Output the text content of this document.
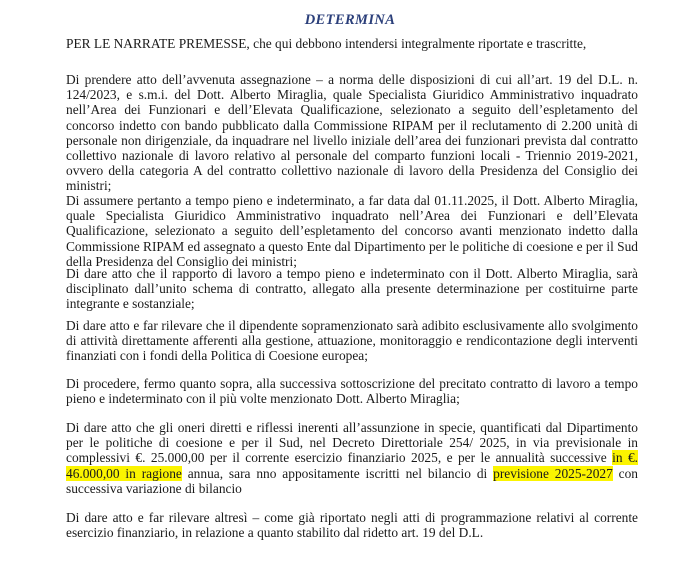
DETERMINA
PER LE NARRATE PREMESSE, che qui debbono intendersi integralmente riportate e trascritte,
Di prendere atto dell’avvenuta assegnazione – a norma delle disposizioni di cui all’art. 19 del D.L. n. 124/2023, e s.m.i. del Dott. Alberto Miraglia, quale Specialista Giuridico Amministrativo inquadrato nell’Area dei Funzionari e dell’Elevata Qualificazione, selezionato a seguito dell’espletamento del concorso indetto con bando pubblicato dalla Commissione RIPAM per il reclutamento di 2.200 unità di personale non dirigenziale, da inquadrare nel livello iniziale dell’area dei funzionari prevista dal contratto collettivo nazionale di lavoro relativo al personale del comparto funzioni locali - Triennio 2019-2021, ovvero della categoria A del contratto collettivo nazionale di lavoro della Presidenza del Consiglio dei ministri;
Di assumere pertanto a tempo pieno e indeterminato, a far data dal 01.11.2025, il Dott. Alberto Miraglia, quale Specialista Giuridico Amministrativo inquadrato nell’Area dei Funzionari e dell’Elevata Qualificazione, selezionato a seguito dell’espletamento del concorso avanti menzionato indetto dalla Commissione RIPAM ed assegnato a questo Ente dal Dipartimento per le politiche di coesione e per il Sud della Presidenza del Consiglio dei ministri;
Di dare atto che il rapporto di lavoro a tempo pieno e indeterminato con il Dott. Alberto Miraglia, sarà disciplinato dall’unito schema di contratto, allegato alla presente determinazione per costituirne parte integrante e sostanziale;
Di dare atto e far rilevare che il dipendente sopramenzionato sarà adibito esclusivamente allo svolgimento di attività direttamente afferenti alla gestione, attuazione, monitoraggio e rendicontazione degli interventi finanziati con i fondi della Politica di Coesione europea;
Di procedere, fermo quanto sopra, alla successiva sottoscrizione del precitato contratto di lavoro a tempo pieno e indeterminato con il più volte menzionato Dott. Alberto Miraglia;
Di dare atto che gli oneri diretti e riflessi inerenti all’assunzione in specie, quantificati dal Dipartimento per le politiche di coesione e per il Sud, nel Decreto Direttoriale 254/ 2025, in via previsionale in complessivi €. 25.000,00 per il corrente esercizio finanziario 2025, e per le annualità successive in €. 46.000,00 in ragione annua, sara nno appositamente iscritti nel bilancio di previsione 2025-2027 con successiva variazione di bilancio
Di dare atto e far rilevare altresì – come già riportato negli atti di programmazione relativi al corrente esercizio finanziario, in relazione a quanto stabilito dal ridetto art. 19 del D.L.
